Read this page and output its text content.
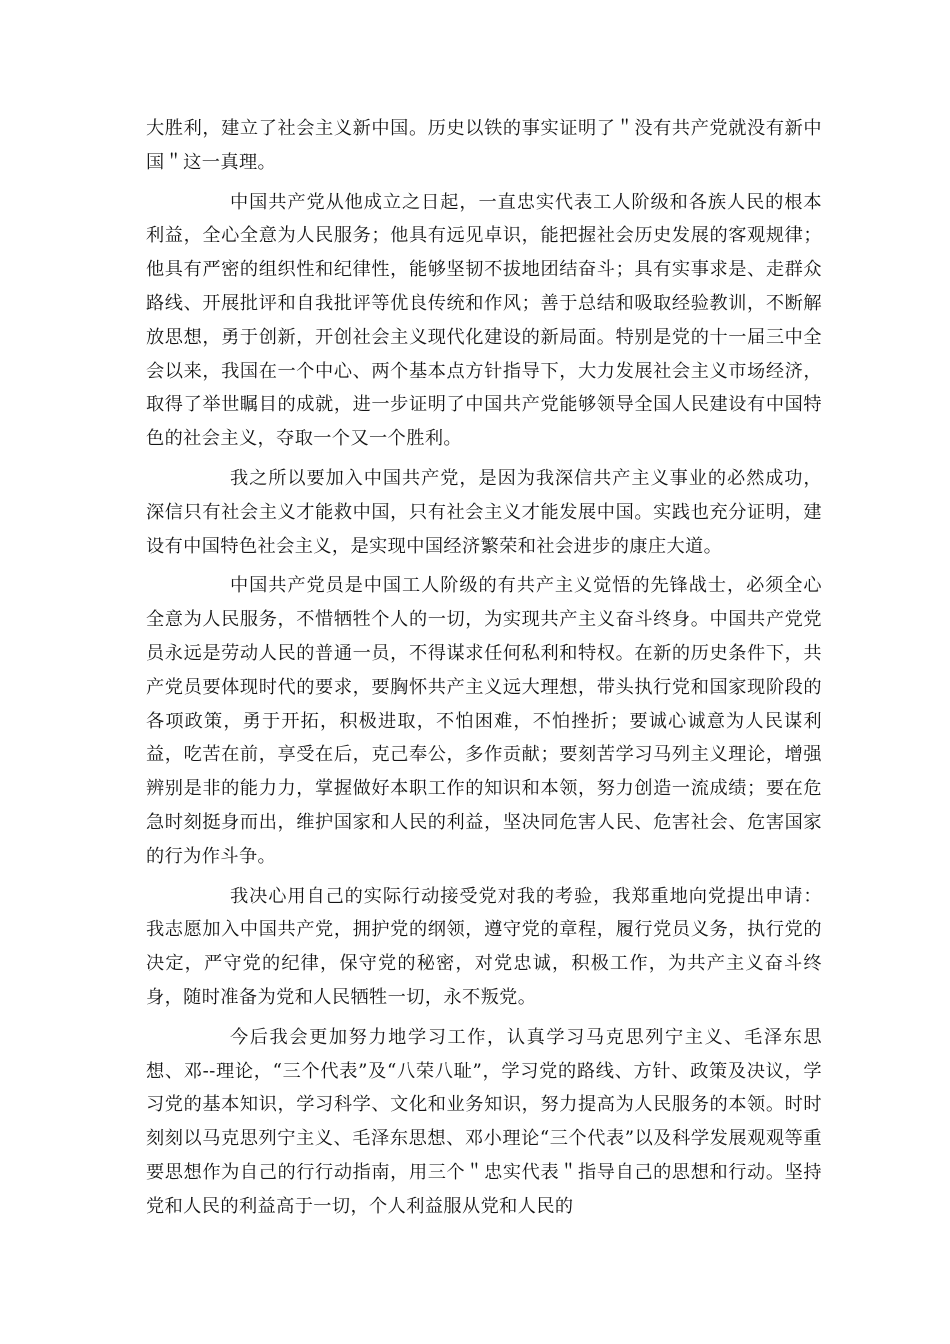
大胜利，建立了社会主义新中国。历史以铁的事实证明了＂没有共产党就没有新中国＂这一真理。

中国共产党从他成立之日起，一直忠实代表工人阶级和各族人民的根本利益，全心全意为人民服务；他具有远见卓识，能把握社会历史发展的客观规律；他具有严密的组织性和纪律性，能够坚韧不拔地团结奋斗；具有实事求是、走群众路线、开展批评和自我批评等优良传统和作风；善于总结和吸取经验教训，不断解放思想，勇于创新，开创社会主义现代化建设的新局面。特别是党的十一届三中全会以来，我国在一个中心、两个基本点方针指导下，大力发展社会主义市场经济，取得了举世瞩目的成就，进一步证明了中国共产党能够领导全国人民建设有中国特色的社会主义，夺取一个又一个胜利。

我之所以要加入中国共产党，是因为我深信共产主义事业的必然成功，深信只有社会主义才能救中国，只有社会主义才能发展中国。实践也充分证明，建设有中国特色社会主义，是实现中国经济繁荣和社会进步的康庄大道。

中国共产党员是中国工人阶级的有共产主义觉悟的先锋战士，必须全心全意为人民服务，不惜牺牲个人的一切，为实现共产主义奋斗终身。中国共产党党员永远是劳动人民的普通一员，不得谋求任何私利和特权。在新的历史条件下，共产党员要体现时代的要求，要胸怀共产主义远大理想，带头执行党和国家现阶段的各项政策，勇于开拓，积极进取，不怕困难，不怕挫折；要诚心诚意为人民谋利益，吃苦在前，享受在后，克己奉公，多作贡献；要刻苦学习马列主义理论，增强辨别是非的能力力，掌握做好本职工作的知识和本领，努力创造一流成绩；要在危急时刻挺身而出，维护国家和人民的利益，坚决同危害人民、危害社会、危害国家的行为作斗争。

我决心用自己的实际行动接受党对我的考验，我郑重地向党提出申请：我志愿加入中国共产党，拥护党的纲领，遵守党的章程，履行党员义务，执行党的决定，严守党的纪律，保守党的秘密，对党忠诚，积极工作，为共产主义奋斗终身，随时准备为党和人民牺牲一切，永不叛党。

今后我会更加努力地学习工作，认真学习马克思列宁主义、毛泽东思想、邓--理论，“三个代表”及“八荣八耻”，学习党的路线、方针、政策及决议，学习党的基本知识，学习科学、文化和业务知识，努力提高为人民服务的本领。时时刻刻以马克思列宁主义、毛泽东思想、邓小理论“三个代表”以及科学发展观观等重要思想作为自己的行行动指南，用三个＂忠实代表＂指导自己的思想和行动。坚持党和人民的利益高于一切，个人利益服从党和人民的
